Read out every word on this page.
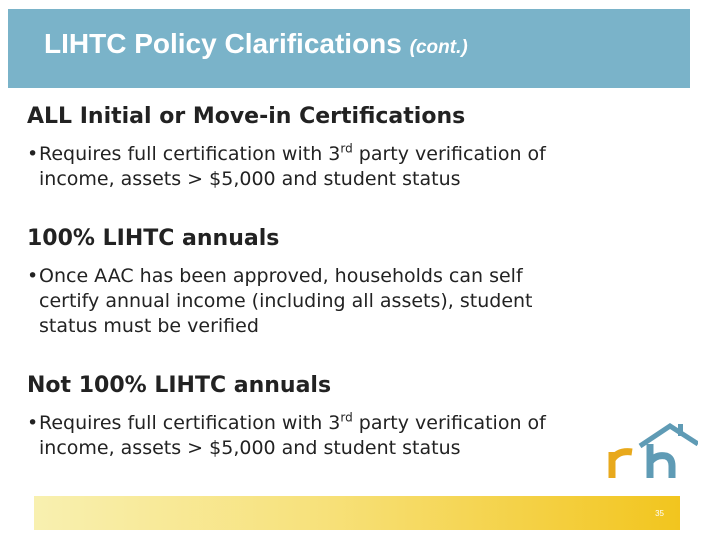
LIHTC Policy Clarifications (cont.)
ALL Initial or Move-in Certifications
•Requires full certification with 3rd party verification of
income, assets > $5,000 and student status
100% LIHTC annuals
•Once AAC has been approved, households can self
certify annual income (including all assets), student
status must be verified
Not 100% LIHTC annuals
•Requires full certification with 3rd party verification of
income, assets > $5,000 and student status
35
